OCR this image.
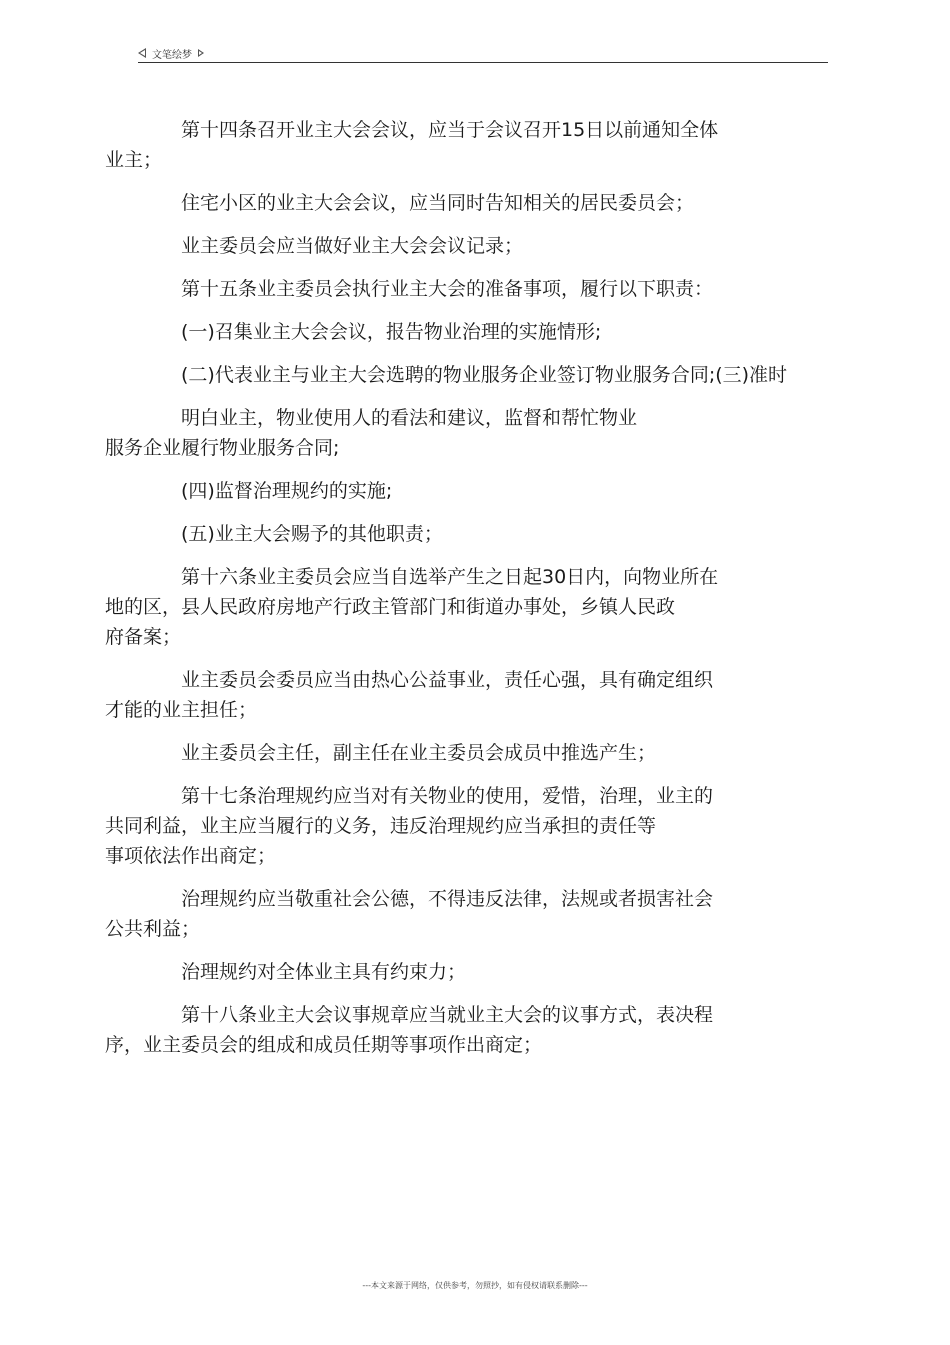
文笔绘梦
第十四条召开业主大会会议，应当于会议召开15日以前通知全体
业主；
住宅小区的业主大会会议，应当同时告知相关的居民委员会；
业主委员会应当做好业主大会会议记录；
第十五条业主委员会执行业主大会的准备事项，履行以下职责：
(一)召集业主大会会议，报告物业治理的实施情形;
(二)代表业主与业主大会选聘的物业服务企业签订物业服务合同;(三)准时
明白业主，物业使用人的看法和建议，监督和帮忙物业
服务企业履行物业服务合同;
(四)监督治理规约的实施;
(五)业主大会赐予的其他职责；
第十六条业主委员会应当自选举产生之日起30日内，向物业所在
地的区，县人民政府房地产行政主管部门和街道办事处，乡镇人民政
府备案；
业主委员会委员应当由热心公益事业，责任心强，具有确定组织
才能的业主担任；
业主委员会主任，副主任在业主委员会成员中推选产生；
第十七条治理规约应当对有关物业的使用，爱惜，治理，业主的
共同利益，业主应当履行的义务，违反治理规约应当承担的责任等
事项依法作出商定；
治理规约应当敬重社会公德，不得违反法律，法规或者损害社会
公共利益；
治理规约对全体业主具有约束力；
第十八条业主大会议事规章应当就业主大会的议事方式，表决程
序，业主委员会的组成和成员任期等事项作出商定；
---本文来源于网络，仅供参考，勿照抄，如有侵权请联系删除---
